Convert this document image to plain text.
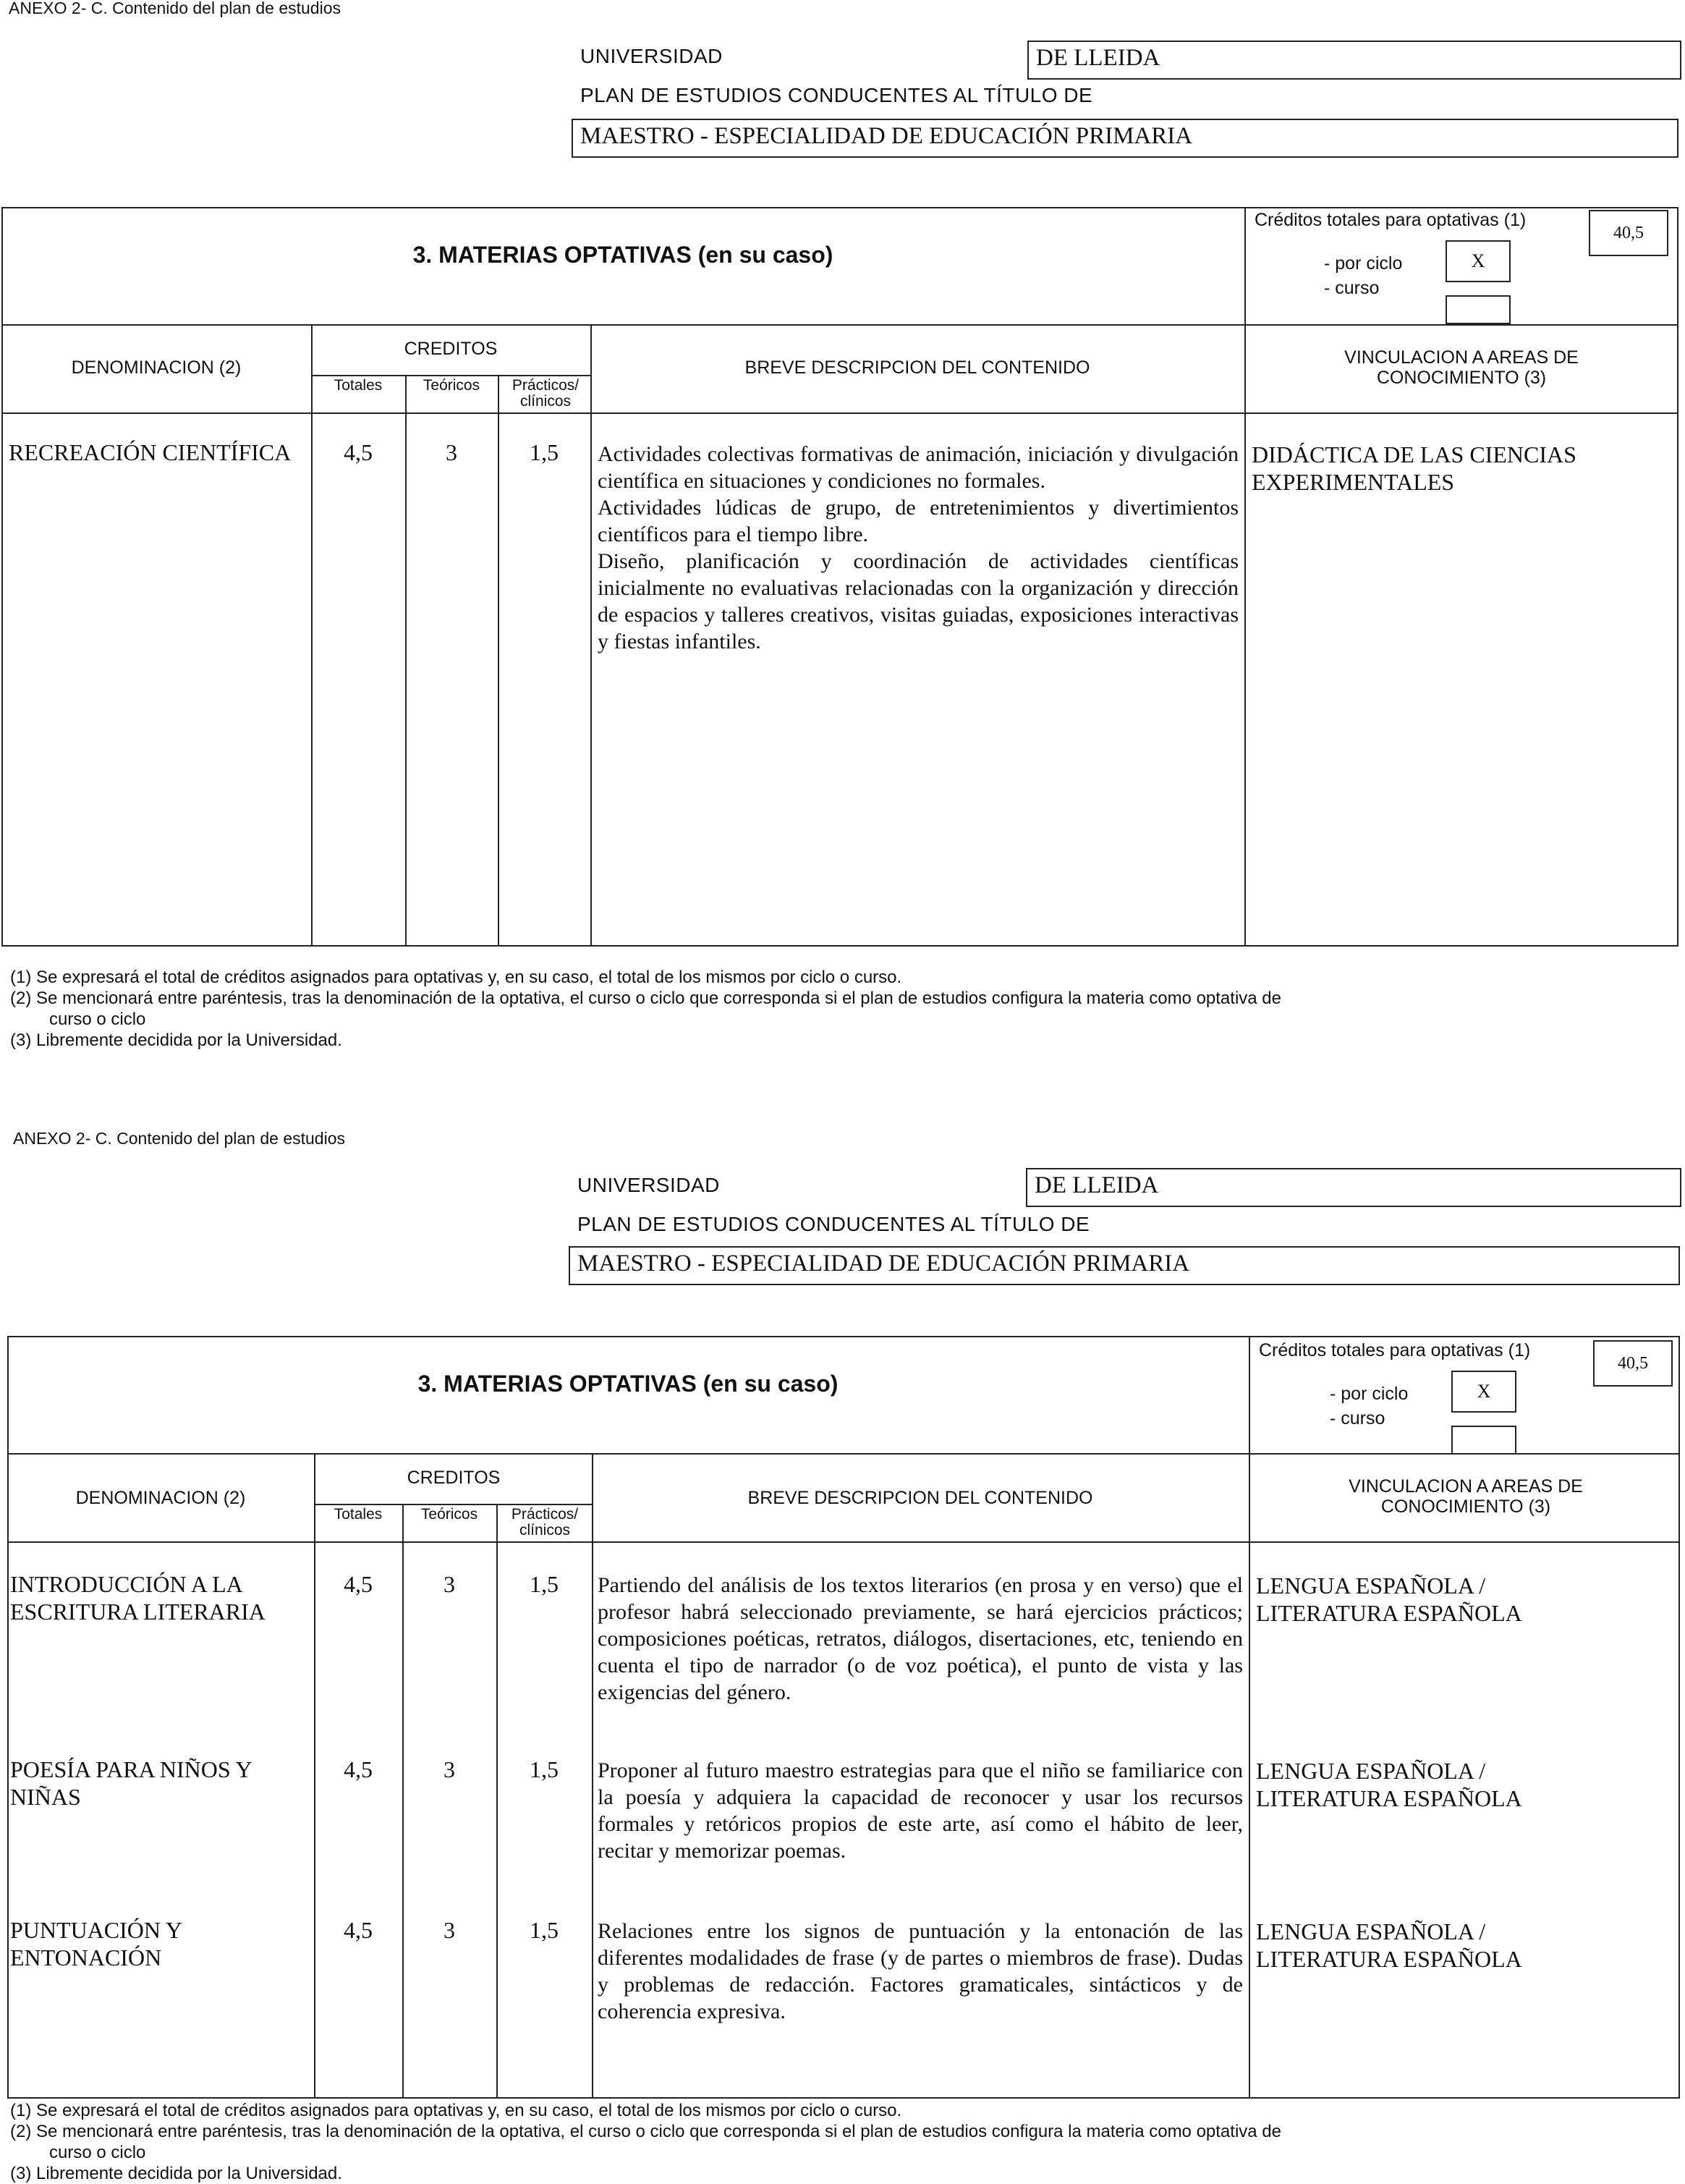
ANEXO 2- C. Contenido del plan de estudios
UNIVERSIDAD	DE LLEIDA
PLAN DE ESTUDIOS CONDUCENTES AL TÍTULO DE
MAESTRO - ESPECIALIDAD DE EDUCACIÓN PRIMARIA
3. MATERIAS OPTATIVAS (en su caso)
Créditos totales para optativas (1)
40,5
- por ciclo	X
- curso
DENOMINACION (2)
CREDITOS
Totales	Teóricos	Prácticos/ clínicos
BREVE DESCRIPCION DEL CONTENIDO	VINCULACION A AREAS DE CONOCIMIENTO (3)
RECREACIÓN CIENTÍFICA	4,5	3	1,5	Actividades colectivas formativas de animación, iniciación y divulgación científica en situaciones y condiciones no formales.
Actividades lúdicas de grupo, de entretenimientos y divertimientos científicos para el tiempo libre.
Diseño, planificación y coordinación de actividades científicas inicialmente no evaluativas relacionadas con la organización y dirección de espacios y talleres creativos, visitas guiadas, exposiciones interactivas y fiestas infantiles.
DIDÁCTICA DE LAS CIENCIAS EXPERIMENTALES
(1) Se expresará el total de créditos asignados para optativas y, en su caso, el total de los mismos por ciclo o curso.
(2) Se mencionará entre paréntesis, tras la denominación de la optativa, el curso o ciclo que corresponda si el plan de estudios configura la materia como optativa de
curso o ciclo
(3) Libremente decidida por la Universidad.
ANEXO 2- C. Contenido del plan de estudios
UNIVERSIDAD	DE LLEIDA
PLAN DE ESTUDIOS CONDUCENTES AL TÍTULO DE
MAESTRO - ESPECIALIDAD DE EDUCACIÓN PRIMARIA
3. MATERIAS OPTATIVAS (en su caso)
Créditos totales para optativas (1)
40,5
- por ciclo	X
- curso
DENOMINACION (2)
CREDITOS
Totales	Teóricos	Prácticos/ clínicos
BREVE DESCRIPCION DEL CONTENIDO
VINCULACION A AREAS DE CONOCIMIENTO (3)
INTRODUCCIÓN A LA ESCRITURA LITERARIA
4,5	3	1,5	Partiendo del análisis de los textos literarios (en prosa y en verso) que el profesor habrá seleccionado previamente, se hará ejercicios prácticos; composiciones poéticas, retratos, diálogos, disertaciones, etc, teniendo en cuenta el tipo de narrador (o de voz poética), el punto de vista y las exigencias del género.
LENGUA ESPAÑOLA / LITERATURA ESPAÑOLA
POESÍA PARA NIÑOS Y NIÑAS
4,5	3	1,5	Proponer al futuro maestro estrategias para que el niño se familiarice con la poesía y adquiera la capacidad de reconocer y usar los recursos formales y retóricos propios de este arte, así como el hábito de leer, recitar y memorizar poemas.
LENGUA ESPAÑOLA / LITERATURA ESPAÑOLA
PUNTUACIÓN Y ENTONACIÓN
4,5	3	1,5	Relaciones entre los signos de puntuación y la entonación de las diferentes modalidades de frase (y de partes o miembros de frase). Dudas y problemas de redacción. Factores gramaticales, sintácticos y de coherencia expresiva.
LENGUA ESPAÑOLA / LITERATURA ESPAÑOLA
(1) Se expresará el total de créditos asignados para optativas y, en su caso, el total de los mismos por ciclo o curso.
(2) Se mencionará entre paréntesis, tras la denominación de la optativa, el curso o ciclo que corresponda si el plan de estudios configura la materia como optativa de
curso o ciclo
(3) Libremente decidida por la Universidad.
